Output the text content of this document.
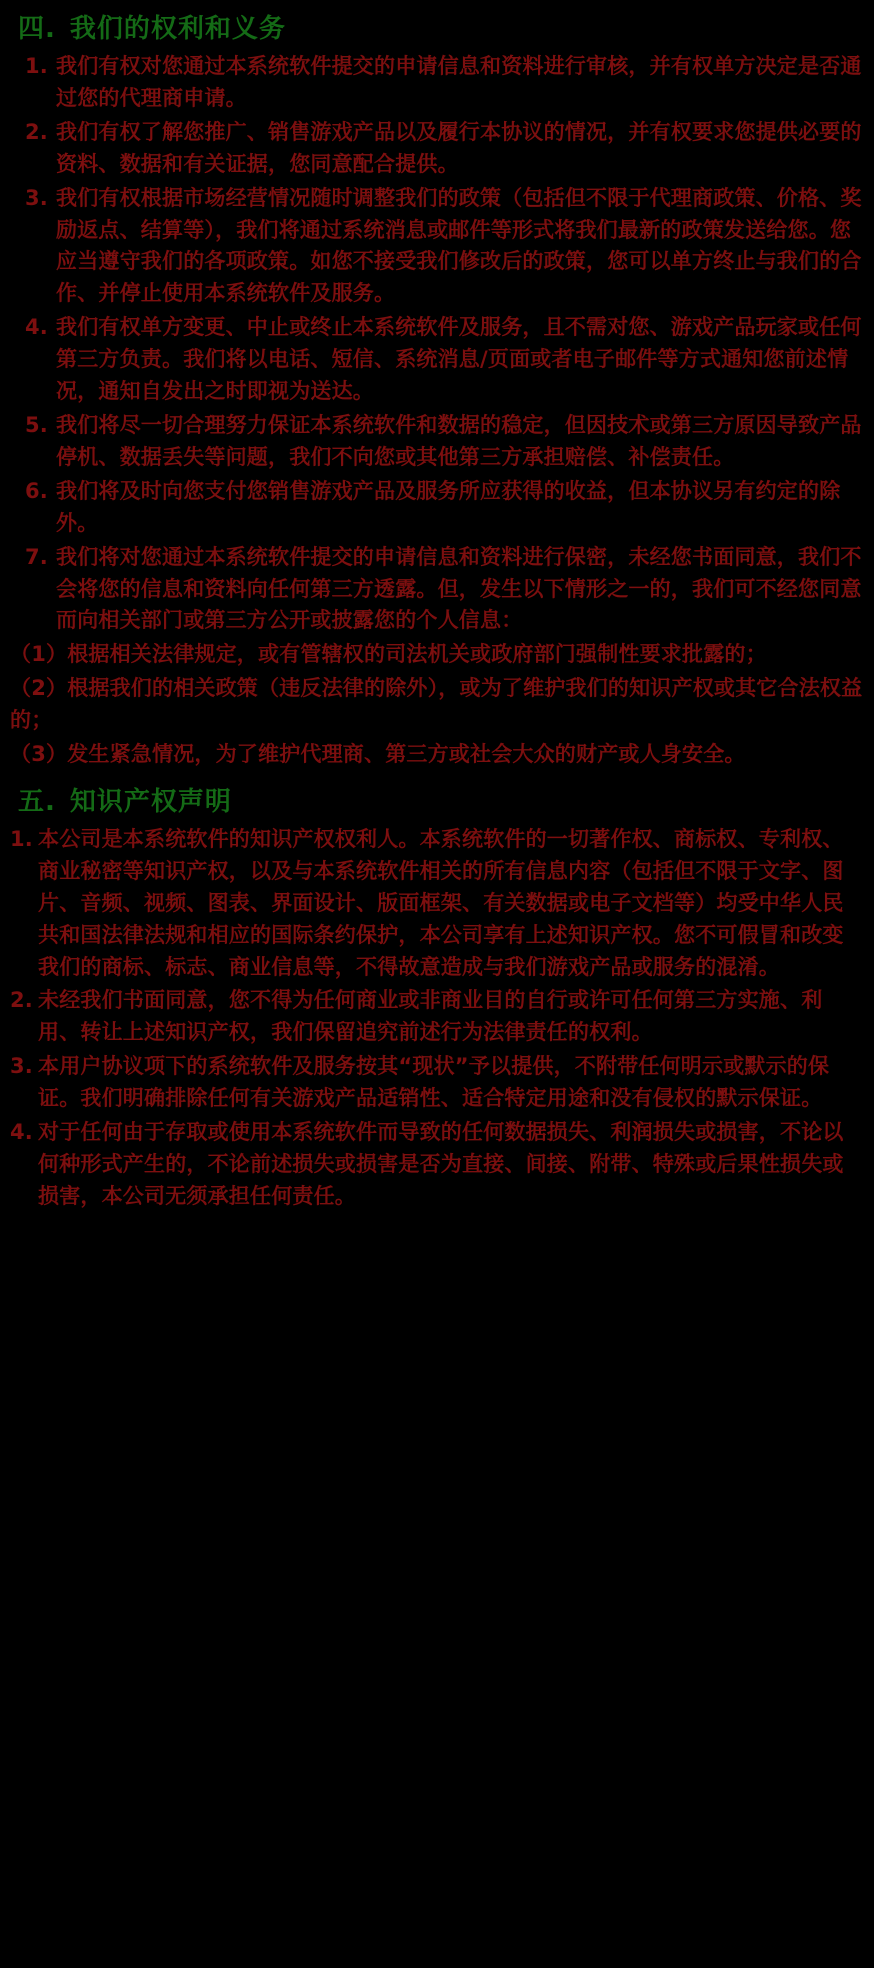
四. 我们的权利和义务
1. 我们有权对您通过本系统软件提交的申请信息和资料进行审核，并有权单方决定是否通过您的代理商申请。
2. 我们有权了解您推广、销售游戏产品以及履行本协议的情况，并有权要求您提供必要的资料、数据和有关证据，您同意配合提供。
3. 我们有权根据市场经营情况随时调整我们的政策（包括但不限于代理商政策、价格、奖励返点、结算等），我们将通过系统消息或邮件等形式将我们最新的政策发送给您。您应当遵守我们的各项政策。如您不接受我们修改后的政策，您可以单方终止与我们的合作、并停止使用本系统软件及服务。
4. 我们有权单方变更、中止或终止本系统软件及服务，且不需对您、游戏产品玩家或任何第三方负责。我们将以电话、短信、系统消息/页面或者电子邮件等方式通知您前述情况，通知自发出之时即视为送达。
5. 我们将尽一切合理努力保证本系统软件和数据的稳定，但因技术或第三方原因导致产品停机、数据丢失等问题，我们不向您或其他第三方承担赔偿、补偿责任。
6. 我们将及时向您支付您销售游戏产品及服务所应获得的收益，但本协议另有约定的除外。
7. 我们将对您通过本系统软件提交的申请信息和资料进行保密，未经您书面同意，我们不会将您的信息和资料向任何第三方透露。但，发生以下情形之一的，我们可不经您同意而向相关部门或第三方公开或披露您的个人信息：
（1）根据相关法律规定，或有管辖权的司法机关或政府部门强制性要求批露的；
（2）根据我们的相关政策（违反法律的除外），或为了维护我们的知识产权或其它合法权益的；
（3）发生紧急情况，为了维护代理商、第三方或社会大众的财产或人身安全。
五. 知识产权声明
1. 本公司是本系统软件的知识产权权利人。本系统软件的一切著作权、商标权、专利权、商业秘密等知识产权，以及与本系统软件相关的所有信息内容（包括但不限于文字、图片、音频、视频、图表、界面设计、版面框架、有关数据或电子文档等）均受中华人民共和国法律法规和相应的国际条约保护，本公司享有上述知识产权。您不可假冒和改变我们的商标、标志、商业信息等，不得故意造成与我们游戏产品或服务的混淆。
2. 未经我们书面同意，您不得为任何商业或非商业目的自行或许可任何第三方实施、利用、转让上述知识产权，我们保留追究前述行为法律责任的权利。
3. 本用户协议项下的系统软件及服务按其“现状”予以提供，不附带任何明示或默示的保证。我们明确排除任何有关游戏产品适销性、适合特定用途和没有侵权的默示保证。
4. 对于任何由于存取或使用本系统软件而导致的任何数据损失、利润损失或损害，不论以何种形式产生的，不论前述损失或损害是否为直接、间接、附带、特殊或后果性损失或损害，本公司无须承担任何责任。
